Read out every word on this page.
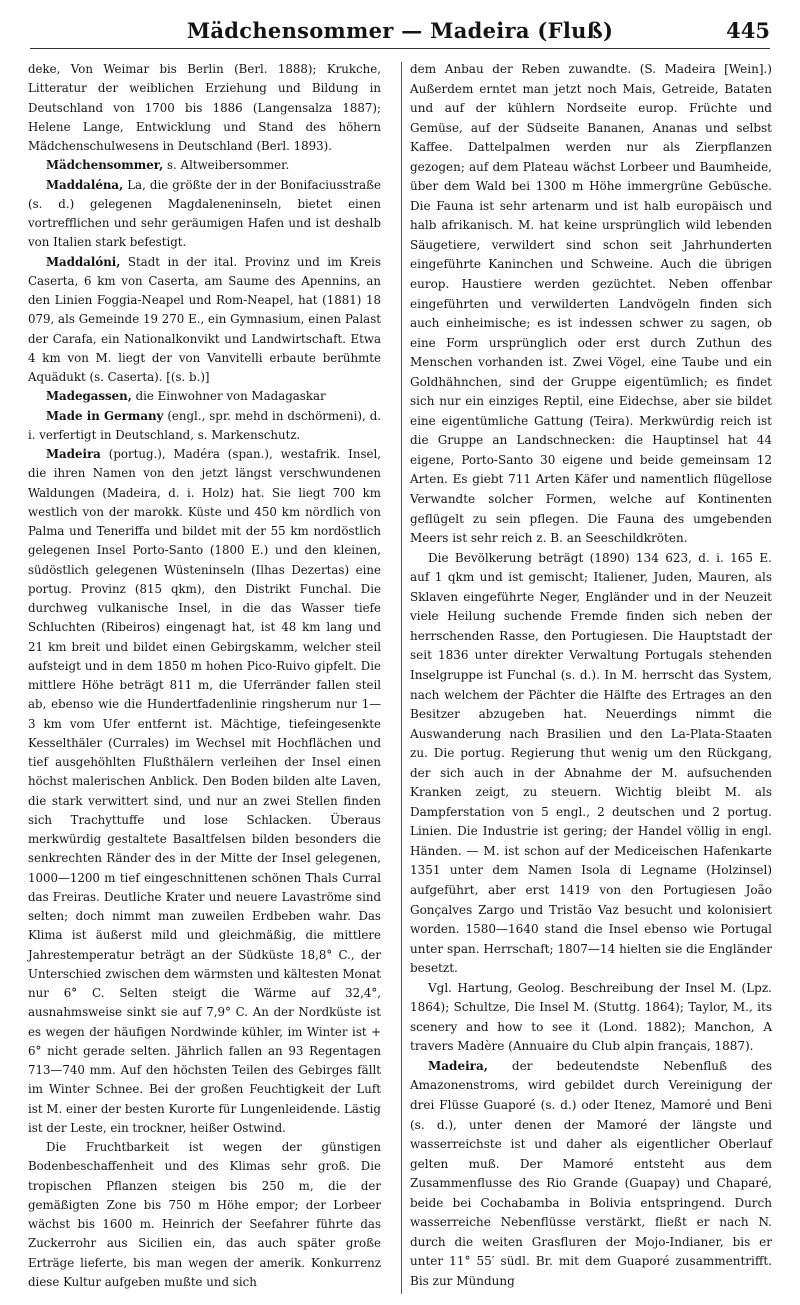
Mädchensommer — Madeira (Fluß)	445

deke, Von Weimar bis Berlin (Berl. 1888); Krukche, Litteratur der weiblichen Erziehung und Bildung in Deutschland von 1700 bis 1886 (Langensalza 1887); Helene Lange, Entwicklung und Stand des höhern Mädchenschulwesens in Deutschland (Berl. 1893).

Mädchensommer, s. Altweibersommer.

Maddaléna, La, die größte der in der Bonifaciusstraße (s. d.) gelegenen Magdaleneninseln, bietet einen vortrefflichen und sehr geräumigen Hafen und ist deshalb von Italien stark befestigt.

Maddalóni, Stadt in der ital. Provinz und im Kreis Caserta, 6 km von Caserta, am Saume des Apennins, an den Linien Foggia-Neapel und Rom-Neapel, hat (1881) 18 079, als Gemeinde 19 270 E., ein Gymnasium, einen Palast der Carafa, ein Nationalkonvikt und Landwirtschaft. Etwa 4 km von M. liegt der von Vanvitelli erbaute berühmte Aquädukt (s. Caserta). [(s. b.)]

Madegassen, die Einwohner von Madagaskar

Made in Germany (engl., spr. mehd in dschörmeni), d. i. verfertigt in Deutschland, s. Markenschutz.

Madeira (portug.), Madéra (span.), westafrik. Insel, die ihren Namen von den jetzt längst verschwundenen Waldungen (Madeira, d. i. Holz) hat. Sie liegt 700 km westlich von der marokk. Küste und 450 km nördlich von Palma und Teneriffa und bildet mit der 55 km nordöstlich gelegenen Insel Porto-Santo (1800 E.) und den kleinen, südöstlich gelegenen Wüsteninseln (Ilhas Dezertas) eine portug. Provinz (815 qkm), den Distrikt Funchal. Die durchweg vulkanische Insel, in die das Wasser tiefe Schluchten (Ribeiros) eingenagt hat, ist 48 km lang und 21 km breit und bildet einen Gebirgskamm, welcher steil aufsteigt und in dem 1850 m hohen Pico-Ruivo gipfelt. Die mittlere Höhe beträgt 811 m, die Uferränder fallen steil ab, ebenso wie die Hundertfadenlinie ringsherum nur 1—3 km vom Ufer entfernt ist. Mächtige, tiefeingesenkte Kesselthäler (Currales) im Wechsel mit Hochflächen und tief ausgehöhlten Flußthälern verleihen der Insel einen höchst malerischen Anblick. Den Boden bilden alte Laven, die stark verwittert sind, und nur an zwei Stellen finden sich Trachyttuffe und lose Schlacken. Überaus merkwürdig gestaltete Basaltfelsen bilden besonders die senkrechten Ränder des in der Mitte der Insel gelegenen, 1000—1200 m tief eingeschnittenen schönen Thals Curral das Freiras. Deutliche Krater und neuere Lavaströme sind selten; doch nimmt man zuweilen Erdbeben wahr. Das Klima ist äußerst mild und gleichmäßig, die mittlere Jahrestemperatur beträgt an der Südküste 18,8° C., der Unterschied zwischen dem wärmsten und kältesten Monat nur 6° C. Selten steigt die Wärme auf 32,4°, ausnahmsweise sinkt sie auf 7,9° C. An der Nordküste ist es wegen der häufigen Nordwinde kühler, im Winter ist + 6° nicht gerade selten. Jährlich fallen an 93 Regentagen 713—740 mm. Auf den höchsten Teilen des Gebirges fällt im Winter Schnee. Bei der großen Feuchtigkeit der Luft ist M. einer der besten Kurorte für Lungenleidende. Lästig ist der Leste, ein trockner, heißer Ostwind.

Die Fruchtbarkeit ist wegen der günstigen Bodenbeschaffenheit und des Klimas sehr groß. Die tropischen Pflanzen steigen bis 250 m, die der gemäßigten Zone bis 750 m Höhe empor; der Lorbeer wächst bis 1600 m. Heinrich der Seefahrer führte das Zuckerrohr aus Sicilien ein, das auch später große Erträge lieferte, bis man wegen der amerik. Konkurrenz diese Kultur aufgeben mußte und sich

dem Anbau der Reben zuwandte. (S. Madeira [Wein].) Außerdem erntet man jetzt noch Mais, Getreide, Bataten und auf der kühlern Nordseite europ. Früchte und Gemüse, auf der Südseite Bananen, Ananas und selbst Kaffee. Dattelpalmen werden nur als Zierpflanzen gezogen; auf dem Plateau wächst Lorbeer und Baumheide, über dem Wald bei 1300 m Höhe immergrüne Gebüsche. Die Fauna ist sehr artenarm und ist halb europäisch und halb afrikanisch. M. hat keine ursprünglich wild lebenden Säugetiere, verwildert sind schon seit Jahrhunderten eingeführte Kaninchen und Schweine. Auch die übrigen europ. Haustiere werden gezüchtet. Neben offenbar eingeführten und verwilderten Landvögeln finden sich auch einheimische; es ist indessen schwer zu sagen, ob eine Form ursprünglich oder erst durch Zuthun des Menschen vorhanden ist. Zwei Vögel, eine Taube und ein Goldhähnchen, sind der Gruppe eigentümlich; es findet sich nur ein einziges Reptil, eine Eidechse, aber sie bildet eine eigentümliche Gattung (Teira). Merkwürdig reich ist die Gruppe an Landschnecken: die Hauptinsel hat 44 eigene, Porto-Santo 30 eigene und beide gemeinsam 12 Arten. Es giebt 711 Arten Käfer und namentlich flügellose Verwandte solcher Formen, welche auf Kontinenten geflügelt zu sein pflegen. Die Fauna des umgebenden Meers ist sehr reich z. B. an Seeschildkröten.

Die Bevölkerung beträgt (1890) 134 623, d. i. 165 E. auf 1 qkm und ist gemischt; Italiener, Juden, Mauren, als Sklaven eingeführte Neger, Engländer und in der Neuzeit viele Heilung suchende Fremde finden sich neben der herrschenden Rasse, den Portugiesen. Die Hauptstadt der seit 1836 unter direkter Verwaltung Portugals stehenden Inselgruppe ist Funchal (s. d.). In M. herrscht das System, nach welchem der Pächter die Hälfte des Ertrages an den Besitzer abzugeben hat. Neuerdings nimmt die Auswanderung nach Brasilien und den La-Plata-Staaten zu. Die portug. Regierung thut wenig um den Rückgang, der sich auch in der Abnahme der M. aufsuchenden Kranken zeigt, zu steuern. Wichtig bleibt M. als Dampferstation von 5 engl., 2 deutschen und 2 portug. Linien. Die Industrie ist gering; der Handel völlig in engl. Händen. — M. ist schon auf der Mediceischen Hafenkarte 1351 unter dem Namen Isola di Legname (Holzinsel) aufgeführt, aber erst 1419 von den Portugiesen João Gonçalves Zargo und Tristão Vaz besucht und kolonisiert worden. 1580—1640 stand die Insel ebenso wie Portugal unter span. Herrschaft; 1807—14 hielten sie die Engländer besetzt.

Vgl. Hartung, Geolog. Beschreibung der Insel M. (Lpz. 1864); Schultze, Die Insel M. (Stuttg. 1864); Taylor, M., its scenery and how to see it (Lond. 1882); Manchon, A travers Madère (Annuaire du Club alpin français, 1887).

Madeira, der bedeutendste Nebenfluß des Amazonenstroms, wird gebildet durch Vereinigung der drei Flüsse Guaporé (s. d.) oder Itenez, Mamoré und Beni (s. d.), unter denen der Mamoré der längste und wasserreichste ist und daher als eigentlicher Oberlauf gelten muß. Der Mamoré entsteht aus dem Zusammenflusse des Rio Grande (Guapay) und Chaparé, beide bei Cochabamba in Bolivia entspringend. Durch wasserreiche Nebenflüsse verstärkt, fließt er nach N. durch die weiten Grasfluren der Mojo-Indianer, bis er unter 11° 55′ südl. Br. mit dem Guaporé zusammentrifft. Bis zur Mündung
